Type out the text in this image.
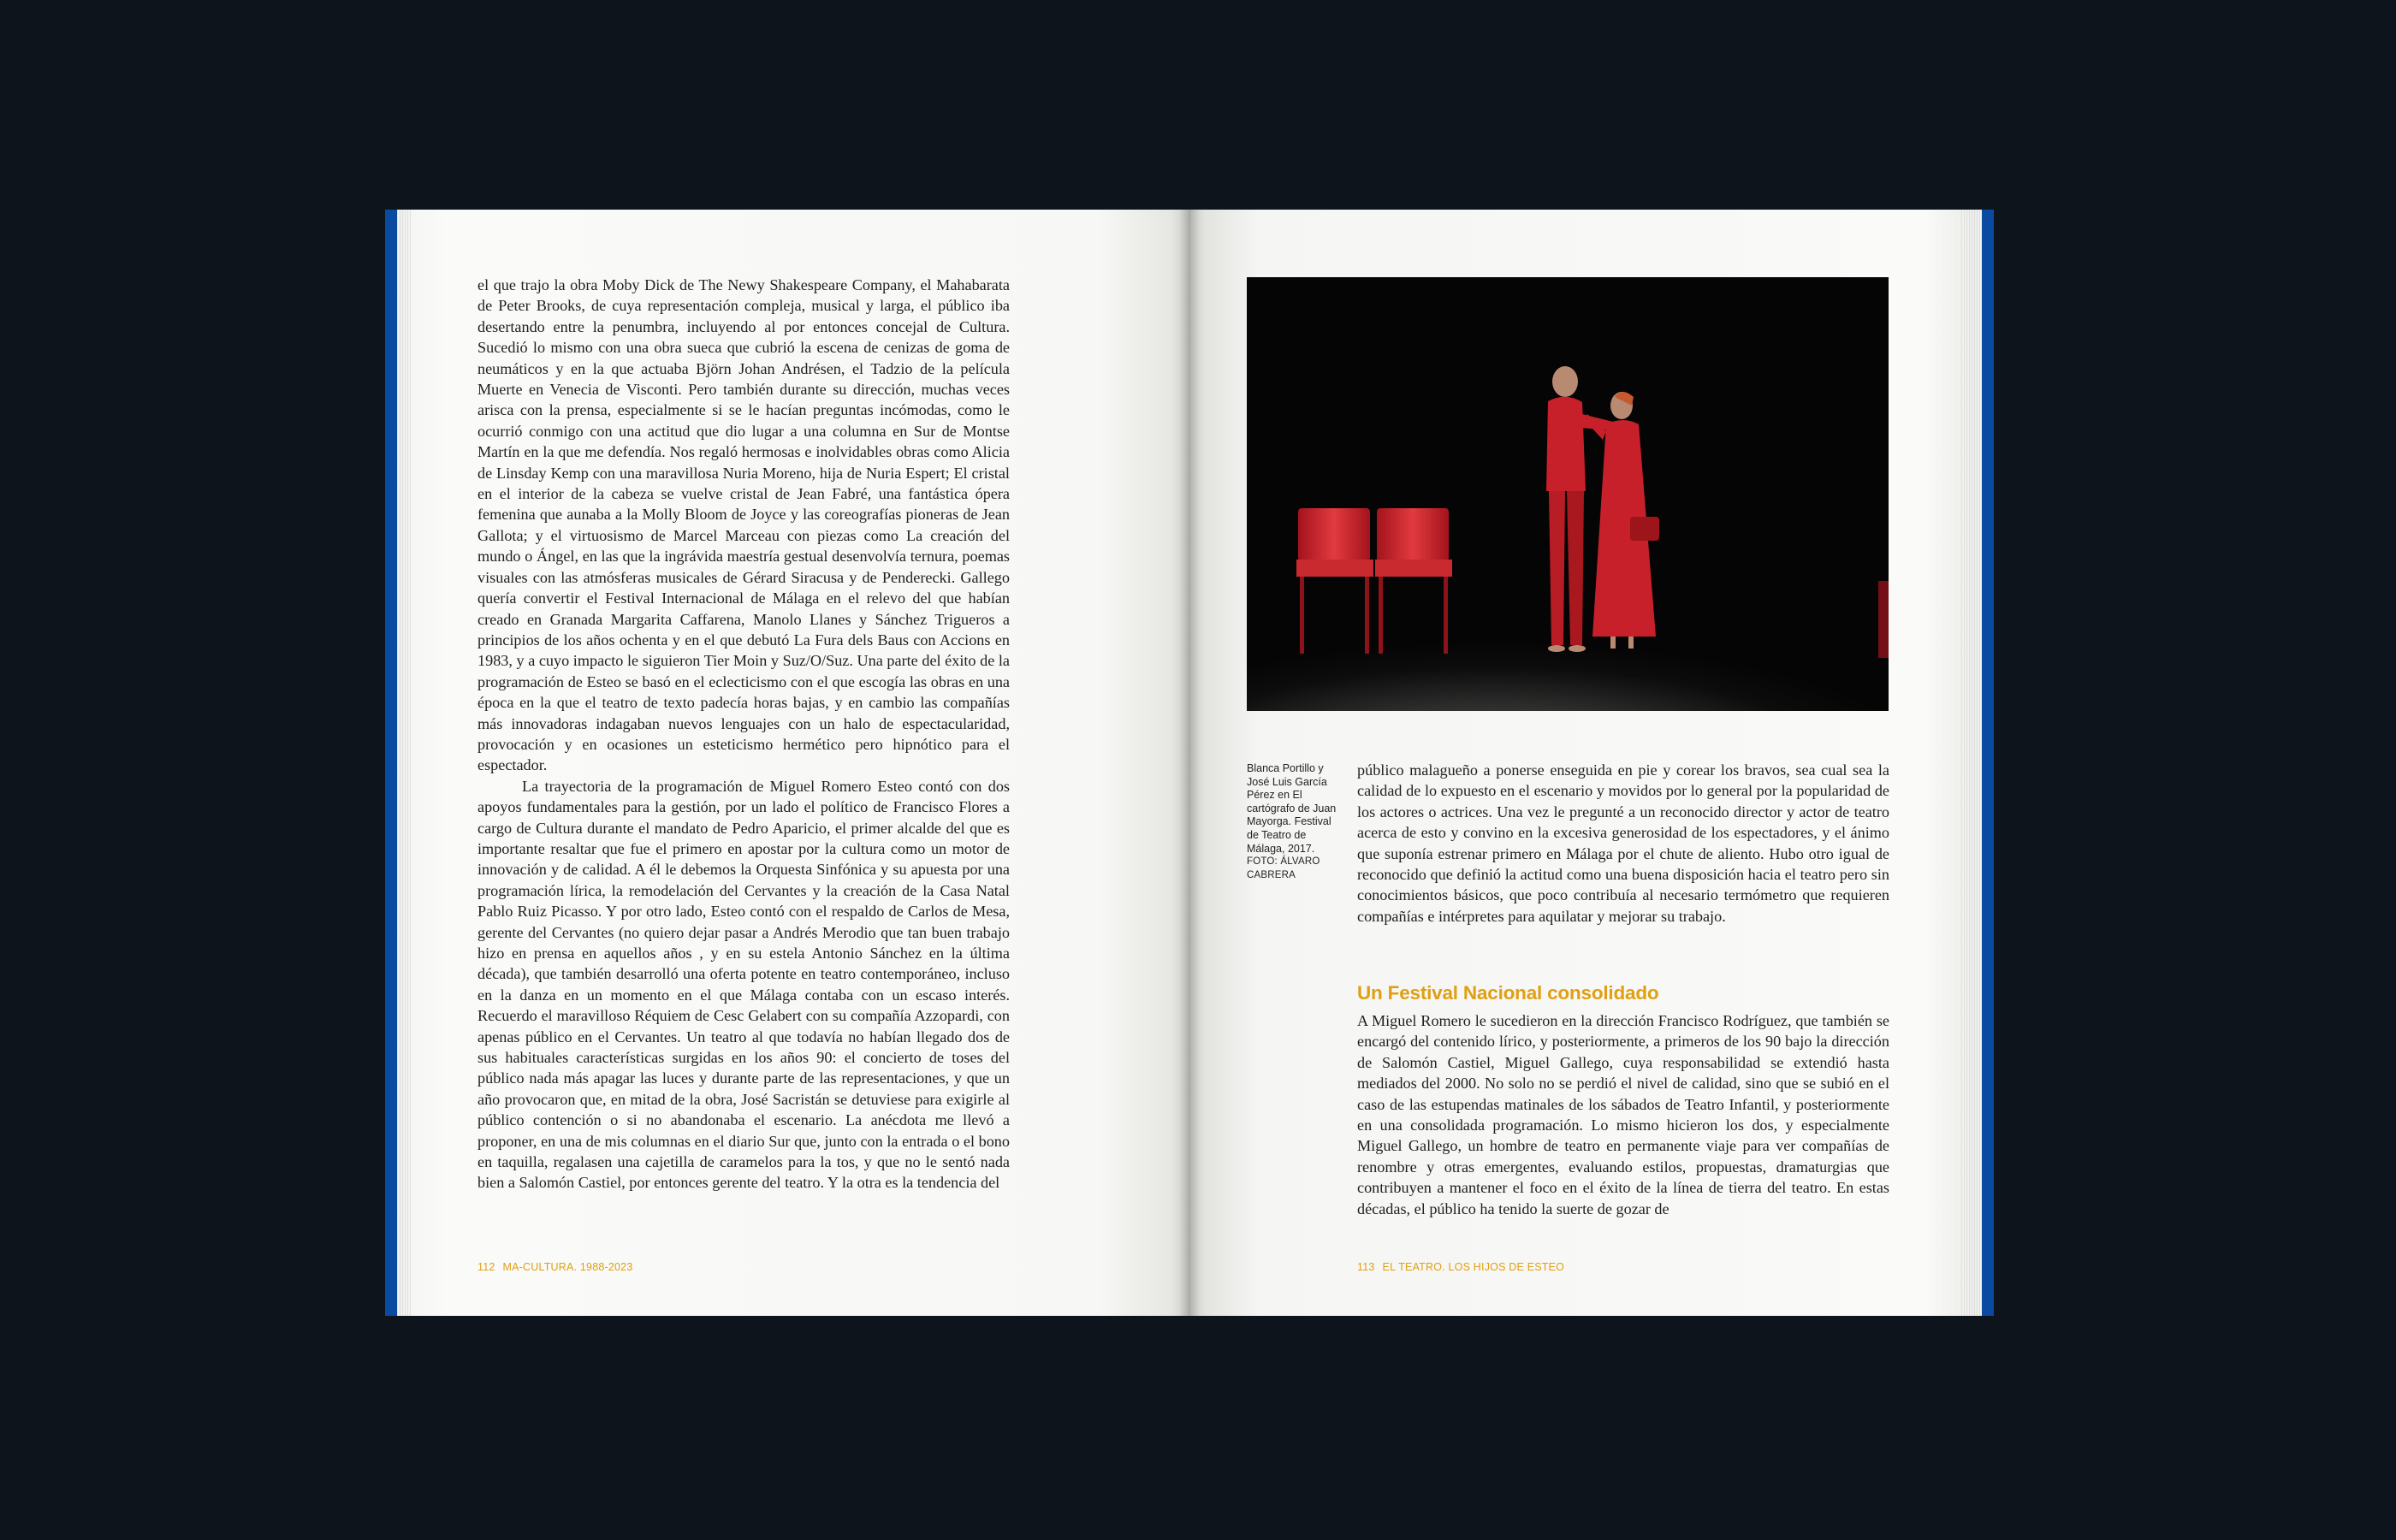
el que trajo la obra Moby Dick de The Newy Shakespeare Company, el Mahabarata de Peter Brooks, de cuya representación compleja, musical y larga, el público iba desertando entre la penumbra, incluyendo al por entonces concejal de Cultura. Sucedió lo mismo con una obra sueca que cubrió la escena de cenizas de goma de neumáticos y en la que actuaba Björn Johan Andrésen, el Tadzio de la película Muerte en Venecia de Visconti. Pero también durante su dirección, muchas veces arisca con la prensa, especialmente si se le hacían preguntas incómodas, como le ocurrió conmigo con una actitud que dio lugar a una columna en Sur de Montse Martín en la que me defendía. Nos regaló hermosas e inolvidables obras como Alicia de Linsday Kemp con una maravillosa Nuria Moreno, hija de Nuria Espert; El cristal en el interior de la cabeza se vuelve cristal de Jean Fabré, una fantástica ópera femenina que aunaba a la Molly Bloom de Joyce y las coreografías pioneras de Jean Gallota; y el virtuosismo de Marcel Marceau con piezas como La creación del mundo o Ángel, en las que la ingrávida maestría gestual desenvolvía ternura, poemas visuales con las atmósferas musicales de Gérard Siracusa y de Penderecki. Gallego quería convertir el Festival Internacional de Málaga en el relevo del que habían creado en Granada Margarita Caffarena, Manolo Llanes y Sánchez Trigueros a principios de los años ochenta y en el que debutó La Fura dels Baus con Accions en 1983, y a cuyo impacto le siguieron Tier Moin y Suz/O/Suz. Una parte del éxito de la programación de Esteo se basó en el eclecticismo con el que escogía las obras en una época en la que el teatro de texto padecía horas bajas, y en cambio las compañías más innovadoras indagaban nuevos lenguajes con un halo de espectacularidad, provocación y en ocasiones un esteticismo hermético pero hipnótico para el espectador.

La trayectoria de la programación de Miguel Romero Esteo contó con dos apoyos fundamentales para la gestión, por un lado el político de Francisco Flores a cargo de Cultura durante el mandato de Pedro Aparicio, el primer alcalde del que es importante resaltar que fue el primero en apostar por la cultura como un motor de innovación y de calidad. A él le debemos la Orquesta Sinfónica y su apuesta por una programación lírica, la remodelación del Cervantes y la creación de la Casa Natal Pablo Ruiz Picasso. Y por otro lado, Esteo contó con el respaldo de Carlos de Mesa, gerente del Cervantes (no quiero dejar pasar a Andrés Merodio que tan buen trabajo hizo en prensa en aquellos años , y en su estela Antonio Sánchez en la última década), que también desarrolló una oferta potente en teatro contemporáneo, incluso en la danza en un momento en el que Málaga contaba con un escaso interés. Recuerdo el maravilloso Réquiem de Cesc Gelabert con su compañía Azzopardi, con apenas público en el Cervantes. Un teatro al que todavía no habían llegado dos de sus habituales características surgidas en los años 90: el concierto de toses del público nada más apagar las luces y durante parte de las representaciones, y que un año provocaron que, en mitad de la obra, José Sacristán se detuviese para exigirle al público contención o si no abandonaba el escenario. La anécdota me llevó a proponer, en una de mis columnas en el diario Sur que, junto con la entrada o el bono en taquilla, regalasen una cajetilla de caramelos para la tos, y que no le sentó nada bien a Salomón Castiel, por entonces gerente del teatro. Y la otra es la tendencia del

Blanca Portillo y José Luis García Pérez en El cartógrafo de Juan Mayorga. Festival de Teatro de Málaga, 2017.
FOTO: ÁLVARO CABRERA

público malagueño a ponerse enseguida en pie y corear los bravos, sea cual sea la calidad de lo expuesto en el escenario y movidos por lo general por la popularidad de los actores o actrices. Una vez le pregunté a un reconocido director y actor de teatro acerca de esto y convino en la excesiva generosidad de los espectadores, y el ánimo que suponía estrenar primero en Málaga por el chute de aliento. Hubo otro igual de reconocido que definió la actitud como una buena disposición hacia el teatro pero sin conocimientos básicos, que poco contribuía al necesario termómetro que requieren compañías e intérpretes para aquilatar y mejorar su trabajo.

Un Festival Nacional consolidado

A Miguel Romero le sucedieron en la dirección Francisco Rodríguez, que también se encargó del contenido lírico, y posteriormente, a primeros de los 90 bajo la dirección de Salomón Castiel, Miguel Gallego, cuya responsabilidad se extendió hasta mediados del 2000. No solo no se perdió el nivel de calidad, sino que se subió en el caso de las estupendas matinales de los sábados de Teatro Infantil, y posteriormente en una consolidada programación. Lo mismo hicieron los dos, y especialmente Miguel Gallego, un hombre de teatro en permanente viaje para ver compañías de renombre y otras emergentes, evaluando estilos, propuestas, dramaturgias que contribuyen a mantener el foco en el éxito de la línea de tierra del teatro. En estas décadas, el público ha tenido la suerte de gozar de

112 MA-CULTURA. 1988-2023	113 EL TEATRO. LOS HIJOS DE ESTEO
